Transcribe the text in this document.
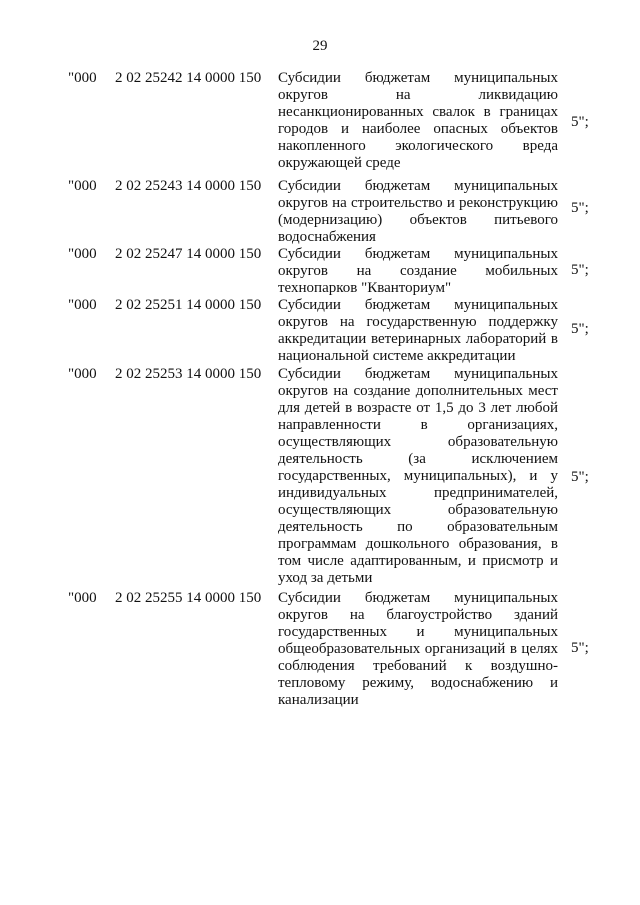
29
"000 2 02 25242 14 0000 150 Субсидии бюджетам муниципальных округов на ликвидацию несанкционированных свалок в границах городов и наиболее опасных объектов накопленного экологического вреда окружающей среде
5";
"000 2 02 25243 14 0000 150 Субсидии бюджетам муниципальных округов на строительство и реконструкцию (модернизацию) объектов питьевого водоснабжения
5";
"000 2 02 25247 14 0000 150 Субсидии бюджетам муниципальных округов на создание мобильных технопарков "Кванториум"
5";
"000 2 02 25251 14 0000 150 Субсидии бюджетам муниципальных округов на государственную поддержку аккредитации ветеринарных лабораторий в национальной системе аккредитации
5";
"000 2 02 25253 14 0000 150 Субсидии бюджетам муниципальных округов на создание дополнительных мест для детей в возрасте от 1,5 до 3 лет любой направленности в организациях, осуществляющих образовательную деятельность (за исключением государственных, муниципальных), и у индивидуальных предпринимателей, осуществляющих образовательную деятельность по образовательным программам дошкольного образования, в том числе адаптированным, и присмотр и уход за детьми
5";
"000 2 02 25255 14 0000 150 Субсидии бюджетам муниципальных округов на благоустройство зданий государственных и муниципальных общеобразовательных организаций в целях соблюдения требований к воздушно-тепловому режиму, водоснабжению и канализации
5";
